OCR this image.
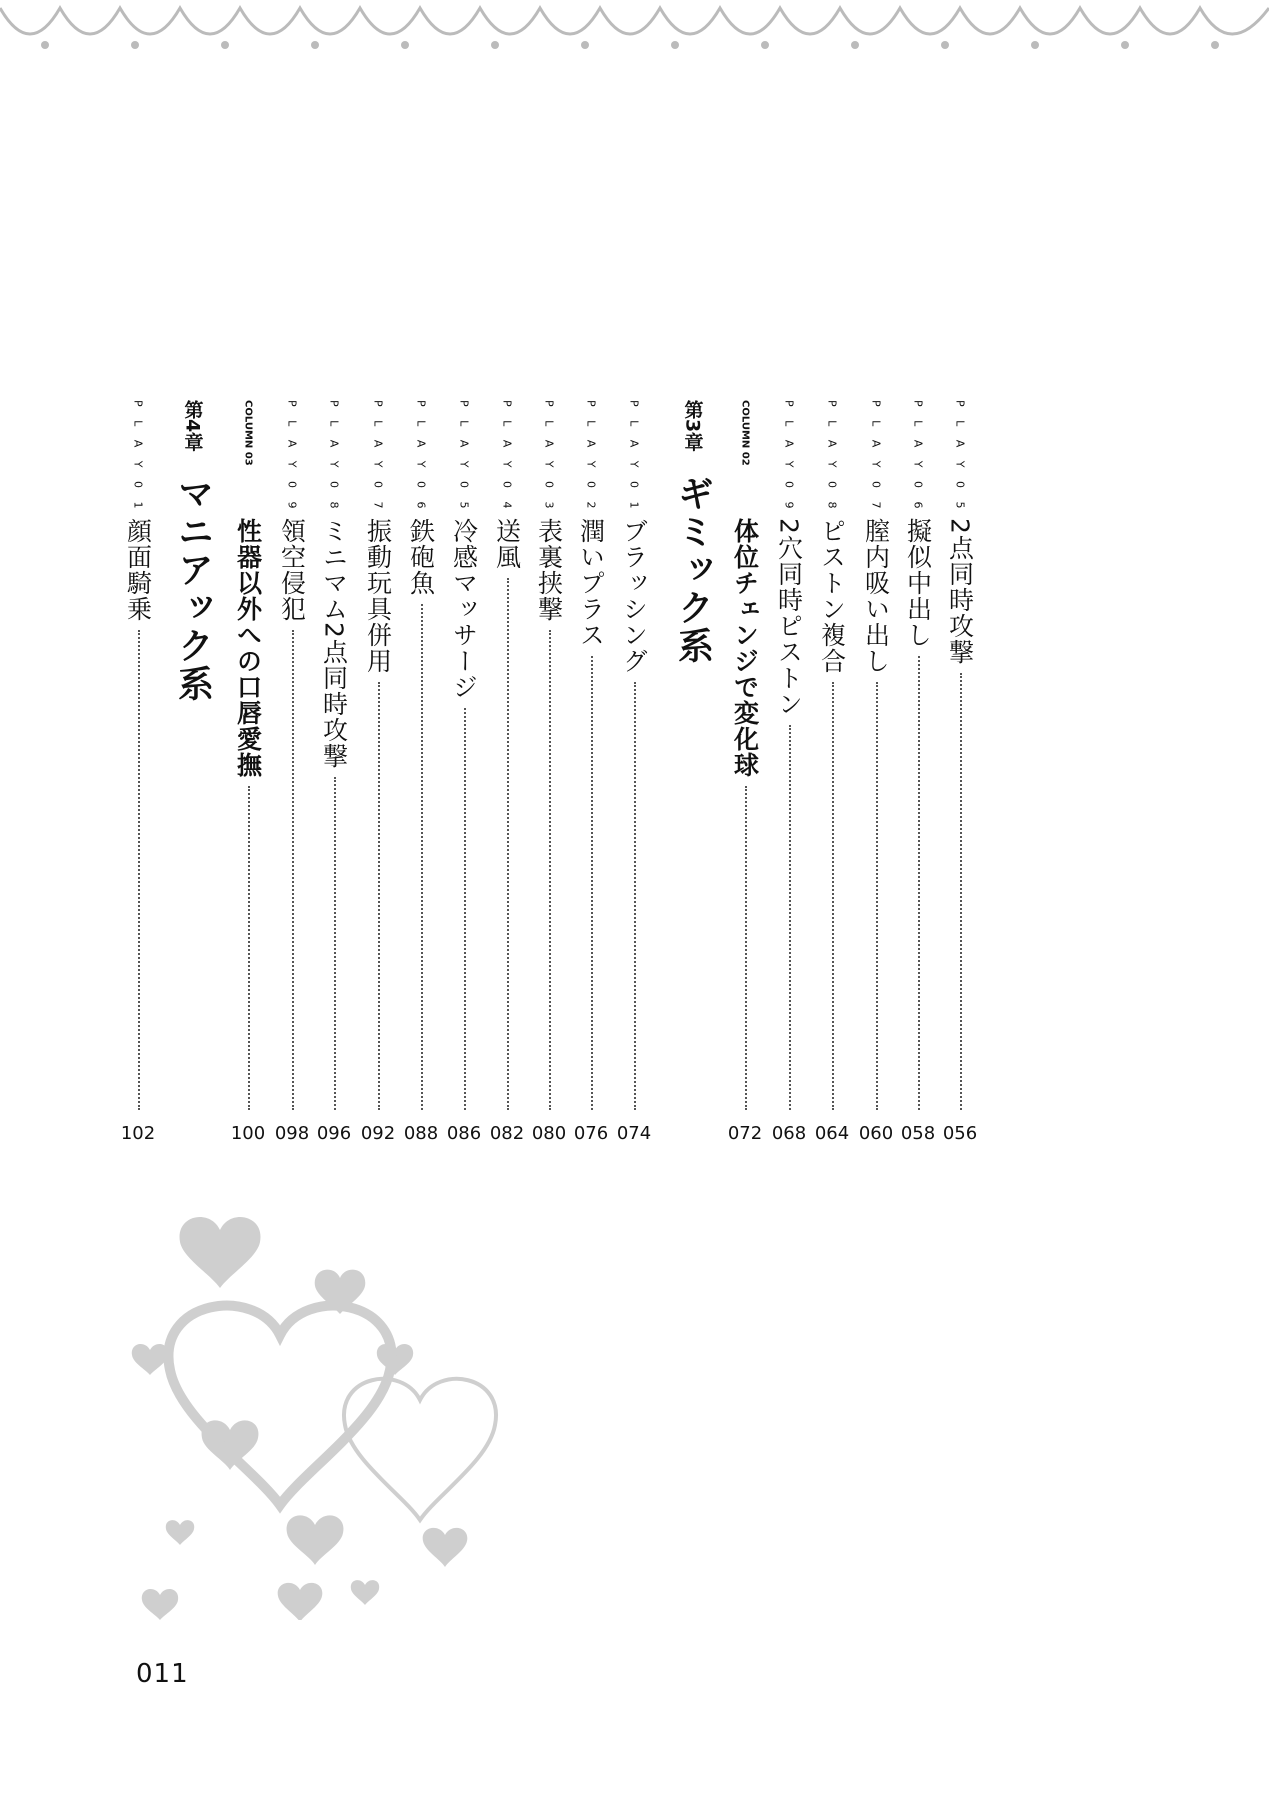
P L A Y 0 5
2点同時攻撃
056
P L A Y 0 6
擬似中出し
058
P L A Y 0 7
膣内吸い出し
060
P L A Y 0 8
ピストン複合
064
P L A Y 0 9
2穴同時ピストン
068
COLUMN 02
体位チェンジで変化球
072
第3章
ギミック系
P L A Y 0 1
ブラッシング
074
P L A Y 0 2
潤いプラス
076
P L A Y 0 3
表裏挟撃
080
P L A Y 0 4
送風
082
P L A Y 0 5
冷感マッサージ
086
P L A Y 0 6
鉄砲魚
088
P L A Y 0 7
振動玩具併用
092
P L A Y 0 8
ミニマム2点同時攻撃
096
P L A Y 0 9
領空侵犯
098
COLUMN 03
性器以外への口唇愛撫
100
第4章
マニアック系
P L A Y 0 1
顔面騎乗
102
011
